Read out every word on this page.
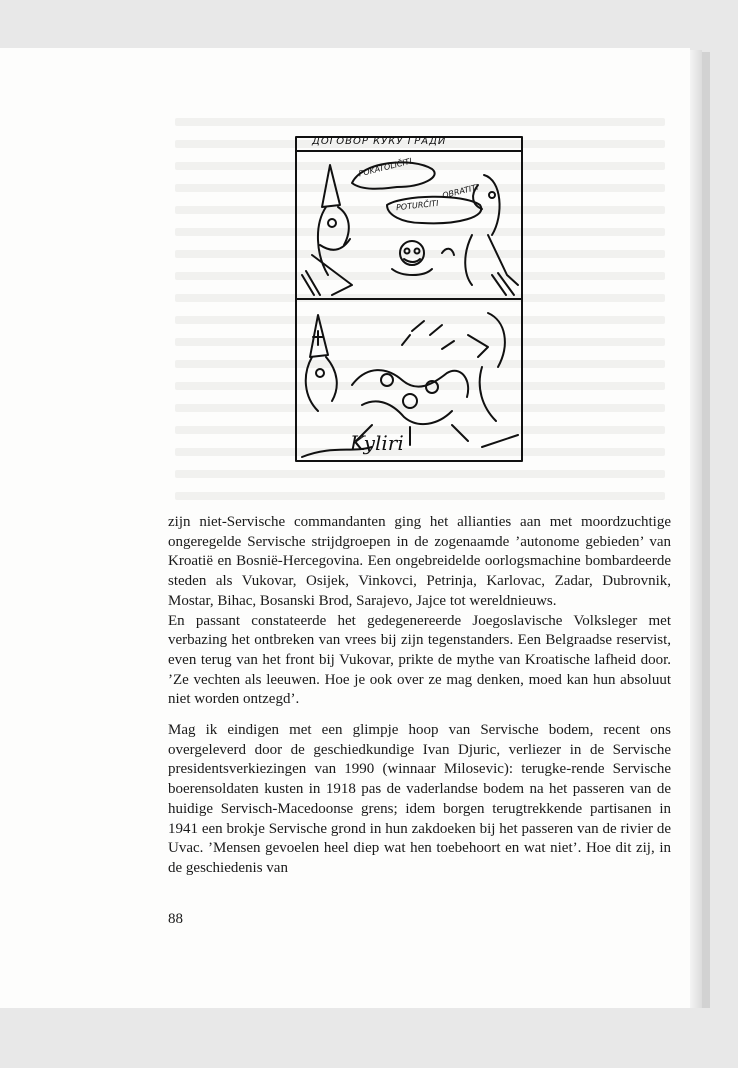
ДОГОВОР КУКУ ГРАДИ
POKATOLIČITI
POTURČITI
OBRATITI
Kyliri

zijn niet-Servische commandanten ging het allianties aan met moordzuchtige ongeregelde Servische strijdgroepen in de zogenaamde ’autonome gebieden’ van Kroatië en Bosnië-Hercegovina. Een ongebreidelde oorlogsmachine bombardeerde steden als Vukovar, Osijek, Vinkovci, Petrinja, Karlovac, Zadar, Dubrovnik, Mostar, Bihac, Bosanski Brod, Sarajevo, Jajce tot wereldnieuws.

En passant constateerde het gedegenereerde Joegoslavische Volksleger met verbazing het ontbreken van vrees bij zijn tegenstanders. Een Belgraadse reservist, even terug van het front bij Vukovar, prikte de mythe van Kroatische lafheid door. ’Ze vechten als leeuwen. Hoe je ook over ze mag denken, moed kan hun absoluut niet worden ontzegd’.

Mag ik eindigen met een glimpje hoop van Servische bodem, recent ons overgeleverd door de geschiedkundige Ivan Djuric, verliezer in de Servische presidentsverkiezingen van 1990 (winnaar Milosevic): terugke-rende Servische boerensoldaten kusten in 1918 pas de vaderlandse bodem na het passeren van de huidige Servisch-Macedoonse grens; idem borgen terugtrekkende partisanen in 1941 een brokje Servische grond in hun zakdoeken bij het passeren van de rivier de Uvac. ’Mensen gevoelen heel diep wat hen toebehoort en wat niet’. Hoe dit zij, in de geschiedenis van

88
